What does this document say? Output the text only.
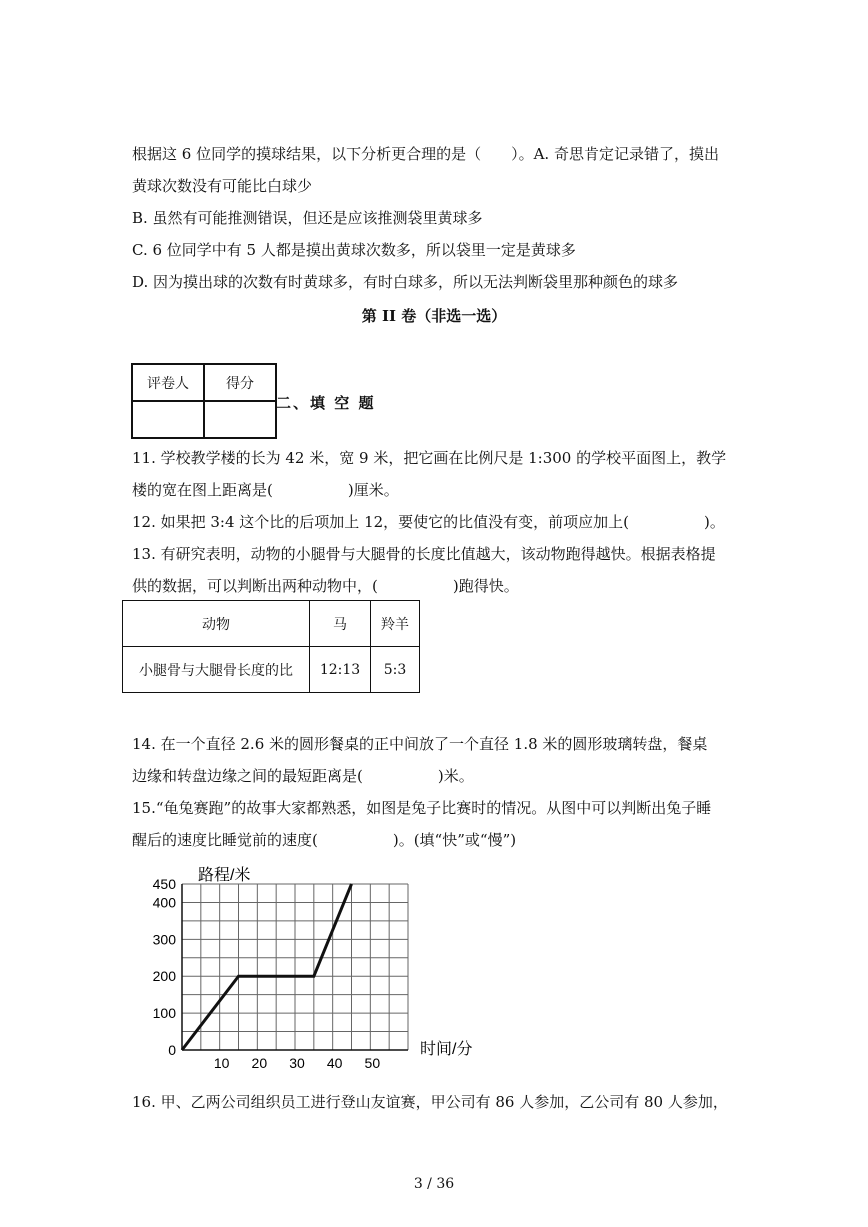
根据这 6 位同学的摸球结果，以下分析更合理的是（　　）。A. 奇思肯定记录错了，摸出
黄球次数没有可能比白球少
B. 虽然有可能推测错误，但还是应该推测袋里黄球多
C. 6 位同学中有 5 人都是摸出黄球次数多，所以袋里一定是黄球多
D. 因为摸出球的次数有时黄球多，有时白球多，所以无法判断袋里那种颜色的球多
第 II 卷（非选一选）
评卷人	得分

二、填 空 题
11. 学校教学楼的长为 42 米，宽 9 米，把它画在比例尺是 1:300 的学校平面图上，教学
楼的宽在图上距离是(　　　　　)厘米。
12. 如果把 3:4 这个比的后项加上 12，要使它的比值没有变，前项应加上(　　　　　)。
13. 有研究表明，动物的小腿骨与大腿骨的长度比值越大，该动物跑得越快。根据表格提
供的数据，可以判断出两种动物中，(　　　　　)跑得快。
动物	马	羚羊
小腿骨与大腿骨长度的比	12:13	5:3
14. 在一个直径 2.6 米的圆形餐桌的正中间放了一个直径 1.8 米的圆形玻璃转盘，餐桌
边缘和转盘边缘之间的最短距离是(　　　　　)米。
15.“龟兔赛跑”的故事大家都熟悉，如图是兔子比赛时的情况。从图中可以判断出兔子睡
醒后的速度比睡觉前的速度(　　　　　)。(填“快”或“慢”)
10 20 30 40 50
0
100
200
300
400
450 路程/米
时间/分
16. 甲、乙两公司组织员工进行登山友谊赛，甲公司有 86 人参加，乙公司有 80 人参加，
3 / 36
